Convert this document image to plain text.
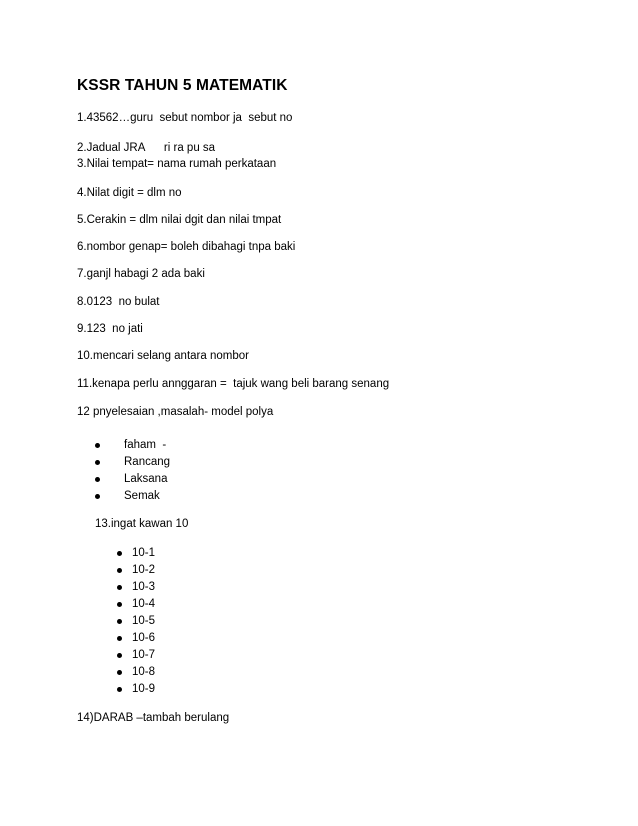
KSSR TAHUN 5 MATEMATIK
1.43562…guru  sebut nombor ja  sebut no
2.Jadual JRA      ri ra pu sa
3.Nilai tempat= nama rumah perkataan
4.Nilat digit = dlm no
5.Cerakin = dlm nilai dgit dan nilai tmpat
6.nombor genap= boleh dibahagi tnpa baki
7.ganjl habagi 2 ada baki
8.0123  no bulat
9.123  no jati
10.mencari selang antara nombor
11.kenapa perlu annggaran =  tajuk wang beli barang senang
12 pnyelesaian ,masalah- model polya

faham  -

Rancang

Laksana

Semak

13.ingat kawan 10

10-1

10-2

10-3

10-4

10-5

10-6

10-7

10-8

10-9

14)DARAB –tambah berulang
